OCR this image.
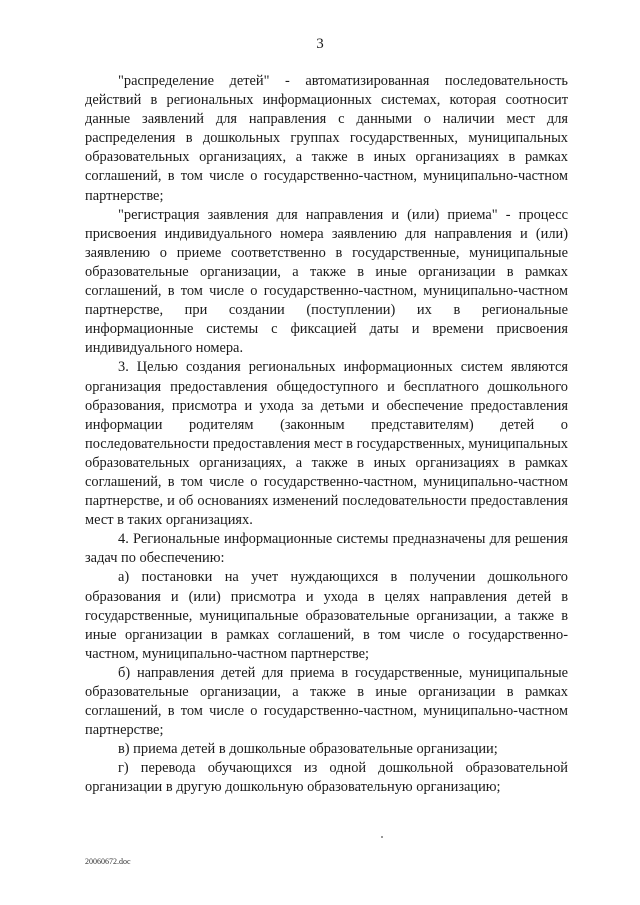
3

"распределение детей" - автоматизированная последовательность действий в региональных информационных системах, которая соотносит данные заявлений для направления с данными о наличии мест для распределения в дошкольных группах государственных, муниципальных образовательных организациях, а также в иных организациях в рамках соглашений, в том числе о государственно-частном, муниципально-частном партнерстве;

"регистрация заявления для направления и (или) приема" - процесс присвоения индивидуального номера заявлению для направления и (или) заявлению о приеме соответственно в государственные, муниципальные образовательные организации, а также в иные организации в рамках соглашений, в том числе о государственно-частном, муниципально-частном партнерстве, при создании (поступлении) их в региональные информационные системы с фиксацией даты и времени присвоения индивидуального номера.

3. Целью создания региональных информационных систем являются организация предоставления общедоступного и бесплатного дошкольного образования, присмотра и ухода за детьми и обеспечение предоставления информации родителям (законным представителям) детей о последовательности предоставления мест в государственных, муниципальных образовательных организациях, а также в иных организациях в рамках соглашений, в том числе о государственно-частном, муниципально-частном партнерстве, и об основаниях изменений последовательности предоставления мест в таких организациях.

4. Региональные информационные системы предназначены для решения задач по обеспечению:

а) постановки на учет нуждающихся в получении дошкольного образования и (или) присмотра и ухода в целях направления детей в государственные, муниципальные образовательные организации, а также в иные организации в рамках соглашений, в том числе о государственно-частном, муниципально-частном партнерстве;

б) направления детей для приема в государственные, муниципальные образовательные организации, а также в иные организации в рамках соглашений, в том числе о государственно-частном, муниципально-частном партнерстве;

в) приема детей в дошкольные образовательные организации;

г) перевода обучающихся из одной дошкольной образовательной организации в другую дошкольную образовательную организацию;

20060672.doc
